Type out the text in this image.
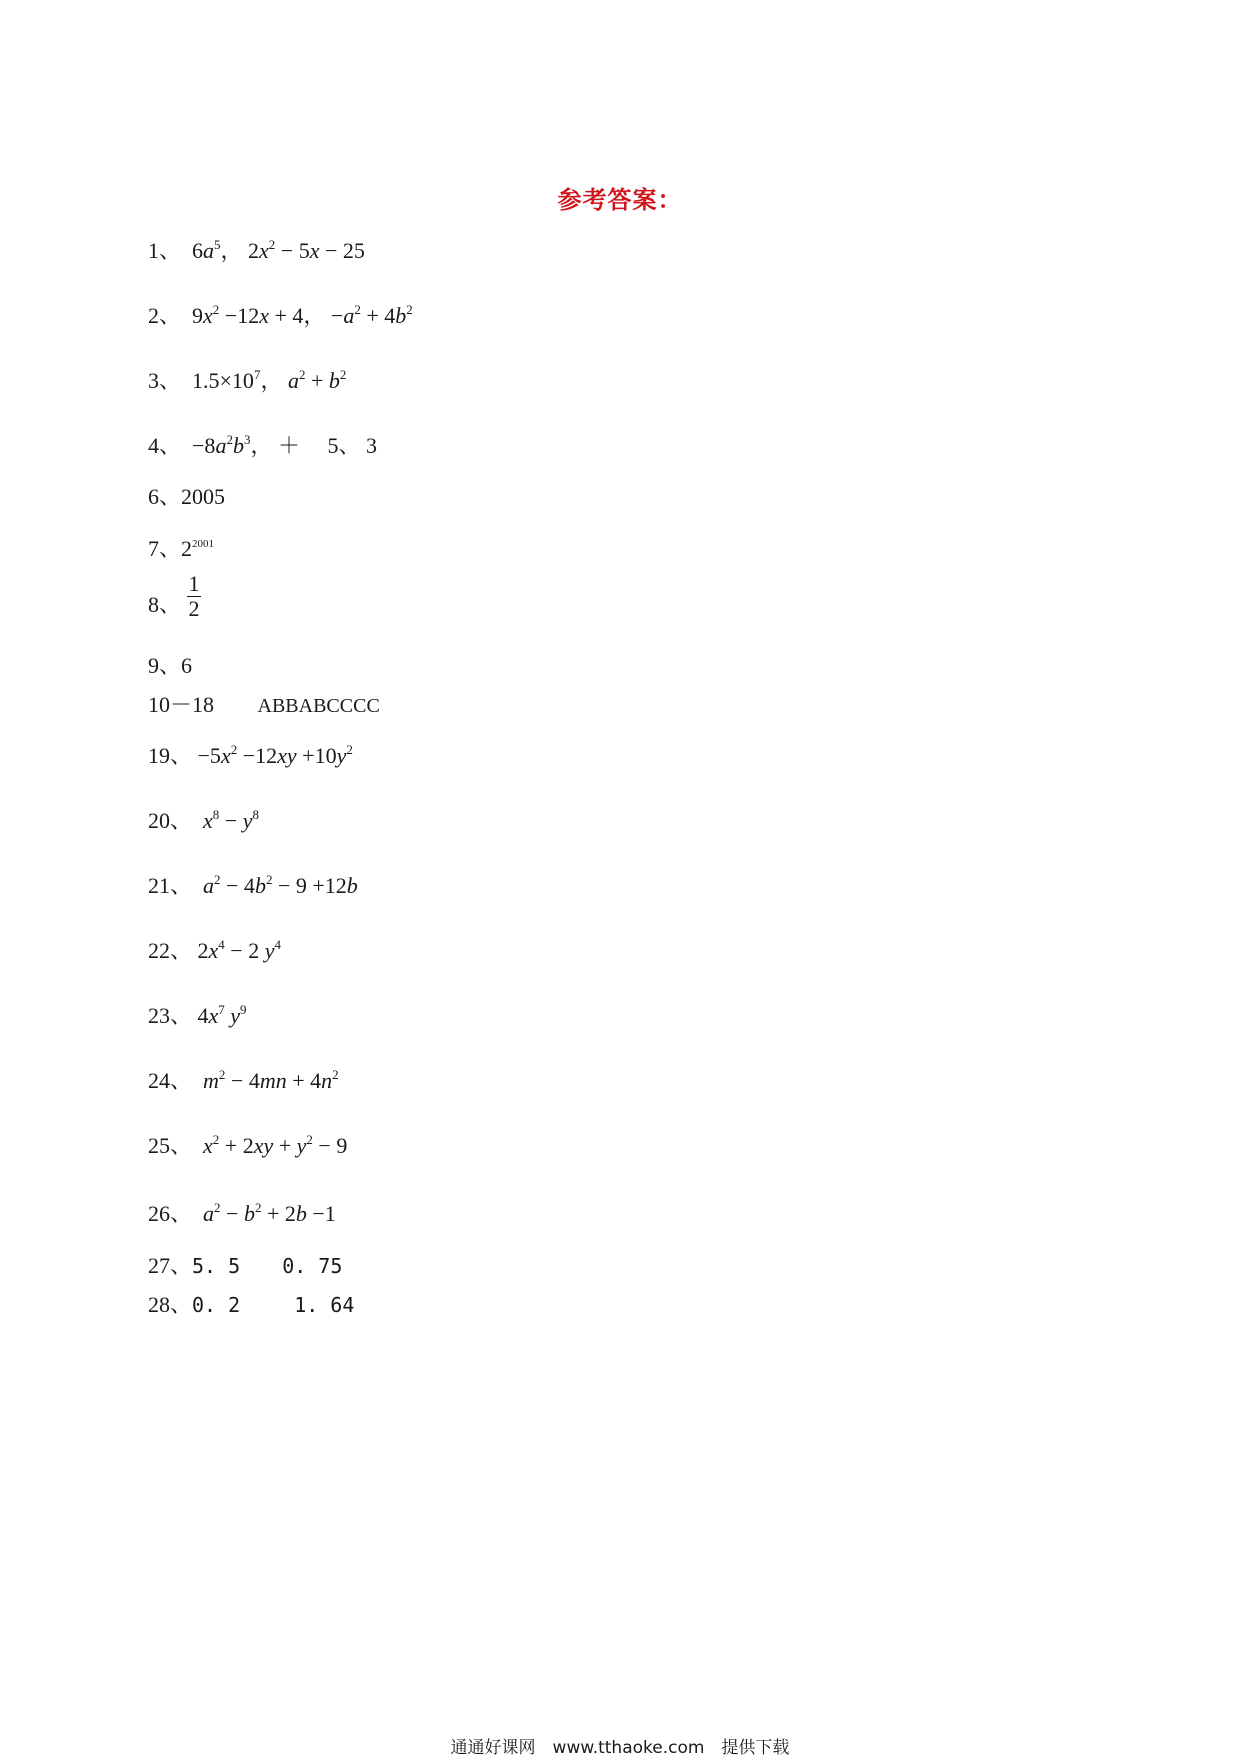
参考答案：
1、 $6a^5$， $2x^2 - 5x - 25$
2、 $9x^2 -12x + 4$， $-a^2 + 4b^2$
3、 $1.5\times 10^7$， $a^2 + b^2$
4、 $-8a^2b^3$， ＋ 5、 3
6、2005
7、$2^{2001}$
8、 $\frac{1}{2}$
9、6
10－18 ABBABCCCC
19、 $-5x^2 -12xy +10y^2$
20、 $x^8 - y^8$
21、 $a^2 - 4b^2 - 9 +12b$
22、 $2x^4 - 2$ $y^4$
23、 $4x^7$ $y^9$
24、 $m^2 - 4mn + 4n^2$
25、 $x^2 + 2xy + y^2 - 9$
26、 $a^2 - b^2 + 2b -1$
27、5. 5 0. 75
28、0. 2	1. 64
通通好课网　www.tthaoke.com　提供下载
